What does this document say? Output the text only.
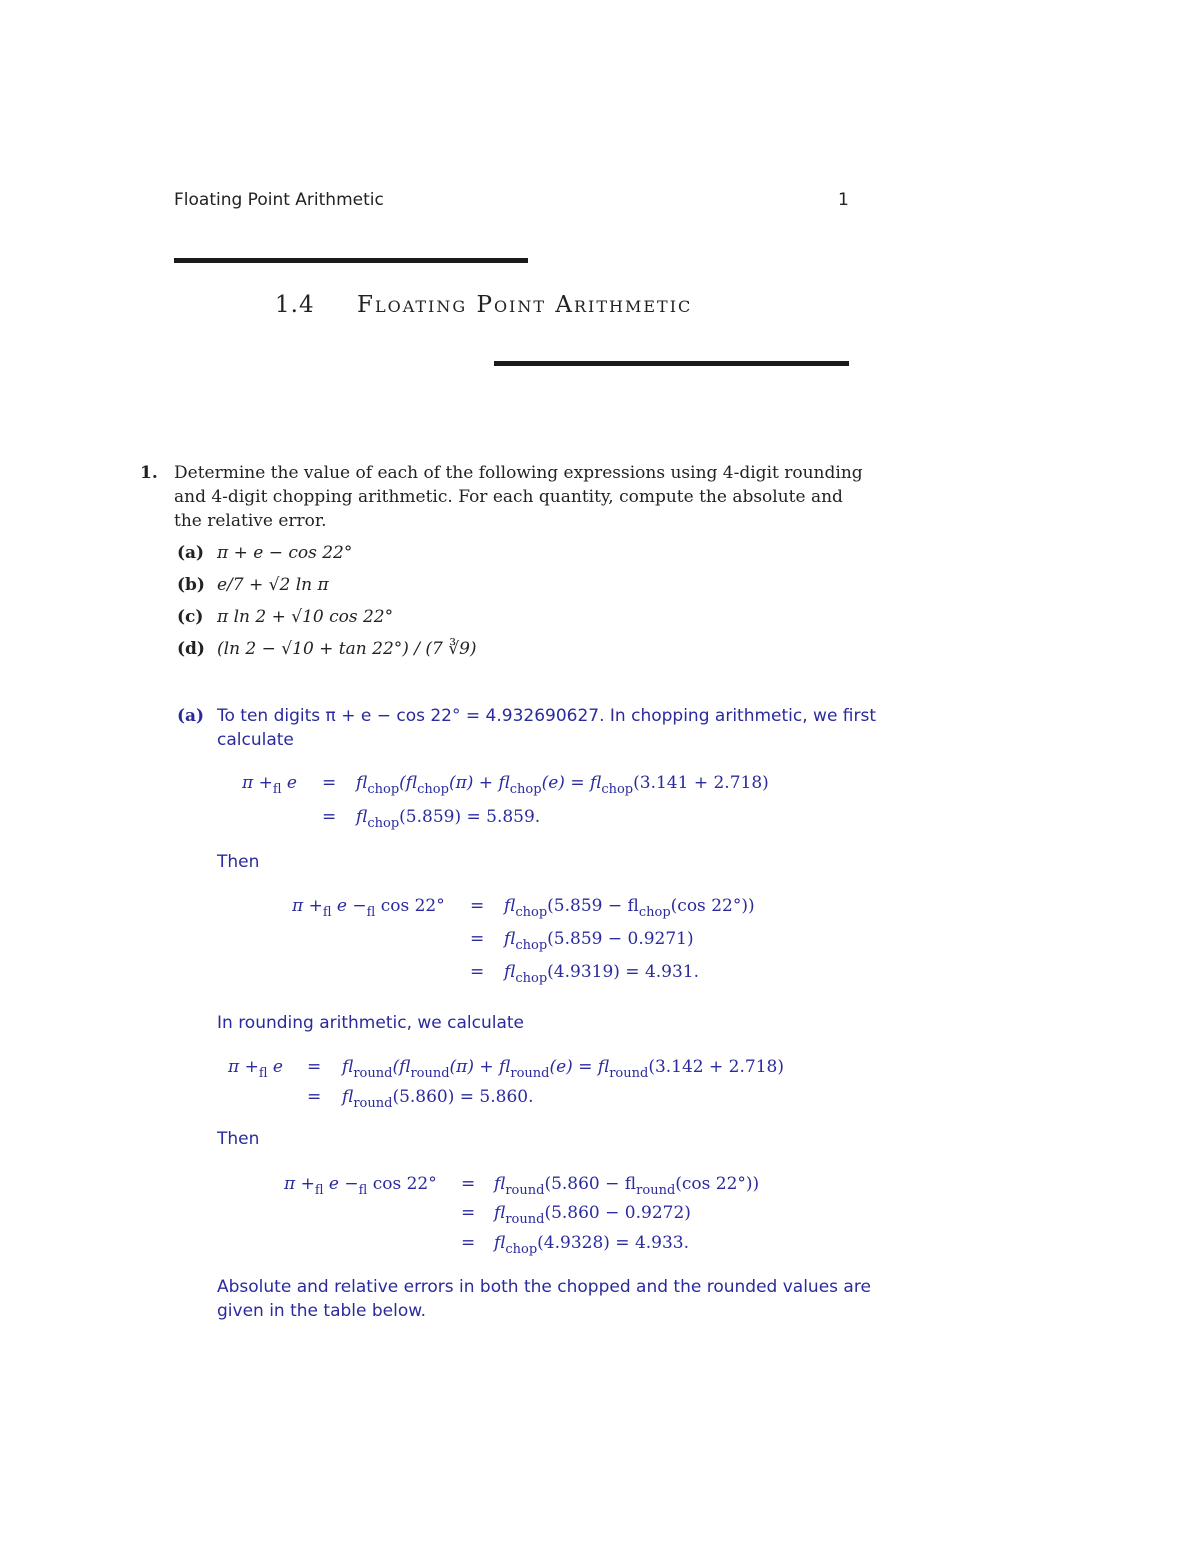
Floating Point Arithmetic	1
1.4 Floating Point Arithmetic
1. Determine the value of each of the following expressions using 4-digit rounding
and 4-digit chopping arithmetic. For each quantity, compute the absolute and
the relative error.
(a) π + e − cos 22°
(b) e/7 + √2 ln π
(c) π ln 2 + √10 cos 22°
(d) (ln 2 − √10 + tan 22°) / (7 ∛9)
(a) To ten digits π + e − cos 22° = 4.932690627. In chopping arithmetic, we first
calculate
$\pi +_{fl}$ $e = fl_{chop}(fl_{chop}(\pi) + fl_{chop}(e) = fl_{chop}(3.141 + 2.718)$
= $fl_{chop}(5.859) = 5.859$.
Then
$\pi +_{fl}$ $e -_{fl}$ $\cos 22^\circ = fl_{chop}(5.859 - fl_{chop}(\cos$ 22°))
= $fl_{chop}(5.859 - 0.9271)$
= $fl_{chop}(4.9319) = 4.931$.
In rounding arithmetic, we calculate
$\pi +_{fl}$ $e = fl_{round}(fl_{round}(\pi) + fl_{round}(e) = fl_{round}(3.142 + 2.718)$
= $fl_{round}(5.860) = 5.860$.
Then
$\pi +_{fl}$ $e -_{fl}$ $\cos 22^\circ = fl_{round}(5.860 - fl_{round}(\cos$ 22°))
= $fl_{round}(5.860 - 0.9272)$
= $fl_{chop}(4.9328) = 4.933$.
Absolute and relative errors in both the chopped and the rounded values are
given in the table below.
